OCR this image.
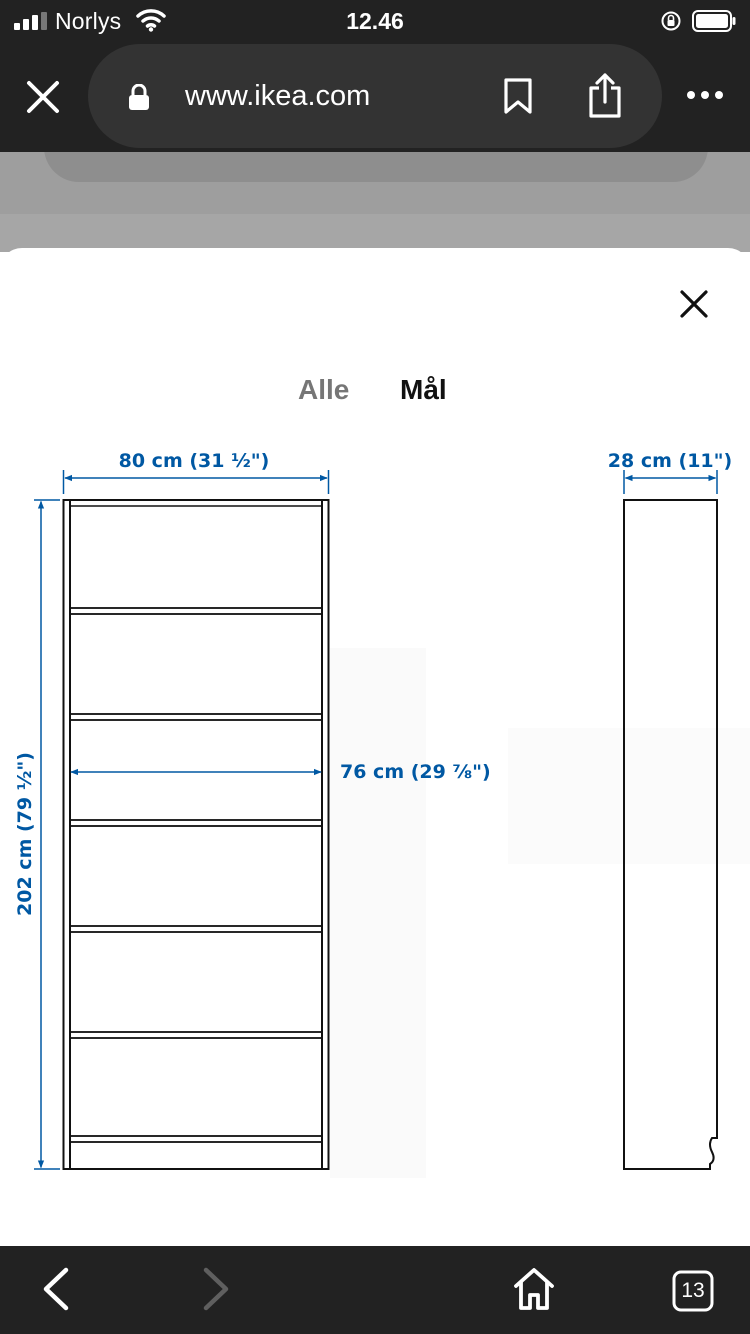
Norlys	12.46
www.ikea.com
Alle Mål
80 cm (31 ½")	28 cm (11")
76 cm (29 ⅞")
202 cm (79 ½")
13
